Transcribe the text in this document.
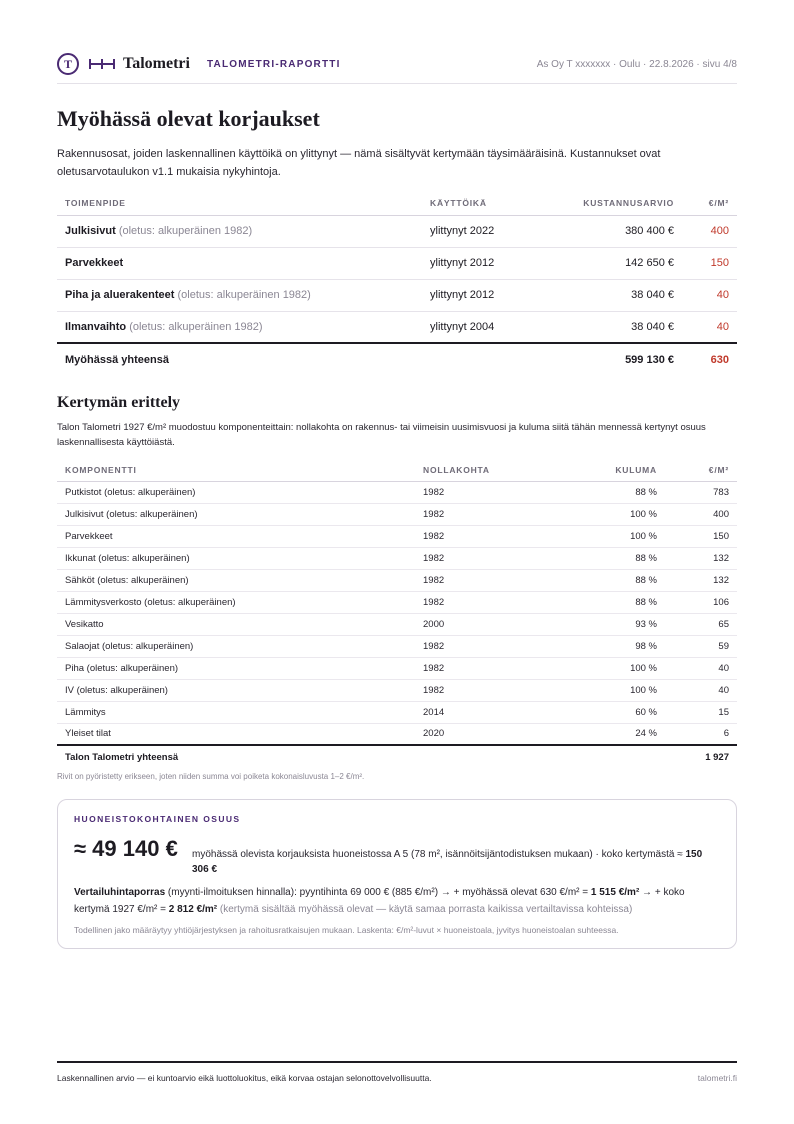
T	Talometri TALOMETRI-RAPORTTI	As Oy T xxxxxxx · Oulu · 22.8.2026 · sivu 4/8
Myöhässä olevat korjaukset

Rakennusosat, joiden laskennallinen käyttöikä on ylittynyt — nämä sisältyvät kertymään täysimääräisinä. Kustannukset ovat oletusarvotaulukon v1.1 mukaisia nykyhintoja.

TOIMENPIDE	KÄYTTÖIKÄ	KUSTANNUSARVIO	€/M²
Julkisivut (oletus: alkuperäinen 1982)	ylittynyt 2022	380 400 €	400
Parvekkeet	ylittynyt 2012	142 650 €	150
Piha ja aluerakenteet (oletus: alkuperäinen 1982)	ylittynyt 2012	38 040 €	40
Ilmanvaihto (oletus: alkuperäinen 1982)	ylittynyt 2004	38 040 €	40
Myöhässä yhteensä		599 130 €	630
Kertymän erittely

Talon Talometri 1927 €/m² muodostuu komponenteittain: nollakohta on rakennus- tai viimeisin uusimisvuosi ja kuluma siitä tähän mennessä kertynyt osuus laskennallisesta käyttöiästä.

KOMPONENTTI	NOLLAKOHTA	KULUMA	€/M²
Putkistot (oletus: alkuperäinen)	1982	88 %	783
Julkisivut (oletus: alkuperäinen)	1982	100 %	400
Parvekkeet	1982	100 %	150
Ikkunat (oletus: alkuperäinen)	1982	88 %	132
Sähköt (oletus: alkuperäinen)	1982	88 %	132
Lämmitysverkosto (oletus: alkuperäinen)	1982	88 %	106
Vesikatto	2000	93 %	65
Salaojat (oletus: alkuperäinen)	1982	98 %	59
Piha (oletus: alkuperäinen)	1982	100 %	40
IV (oletus: alkuperäinen)	1982	100 %	40
Lämmitys	2014	60 %	15
Yleiset tilat	2020	24 %	6
Talon Talometri yhteensä			1 927

Rivit on pyöristetty erikseen, joten niiden summa voi poiketa kokonaisluvusta 1–2 €/m².

HUONEISTOKOHTAINEN OSUUS
≈ 49 140 € myöhässä olevista korjauksista huoneistossa A 5 (78 m², isännöitsijäntodistuksen mukaan) · koko kertymästä ≈ 150 306 €
Vertailuhintaporras (myynti-ilmoituksen hinnalla): pyyntihinta 69 000 € (885 €/m²) → + myöhässä olevat 630 €/m² = 1 515 €/m² → + koko kertymä 1927 €/m² = 2 812 €/m² (kertymä sisältää myöhässä olevat — käytä samaa porrasta kaikissa vertailtavissa kohteissa)
Todellinen jako määräytyy yhtiöjärjestyksen ja rahoitusratkaisujen mukaan. Laskenta: €/m²-luvut × huoneistoala, jyvitys huoneistoalan suhteessa.
Laskennallinen arvio — ei kuntoarvio eikä luottoluokitus, eikä korvaa ostajan selonottovelvollisuutta.	talometri.fi
